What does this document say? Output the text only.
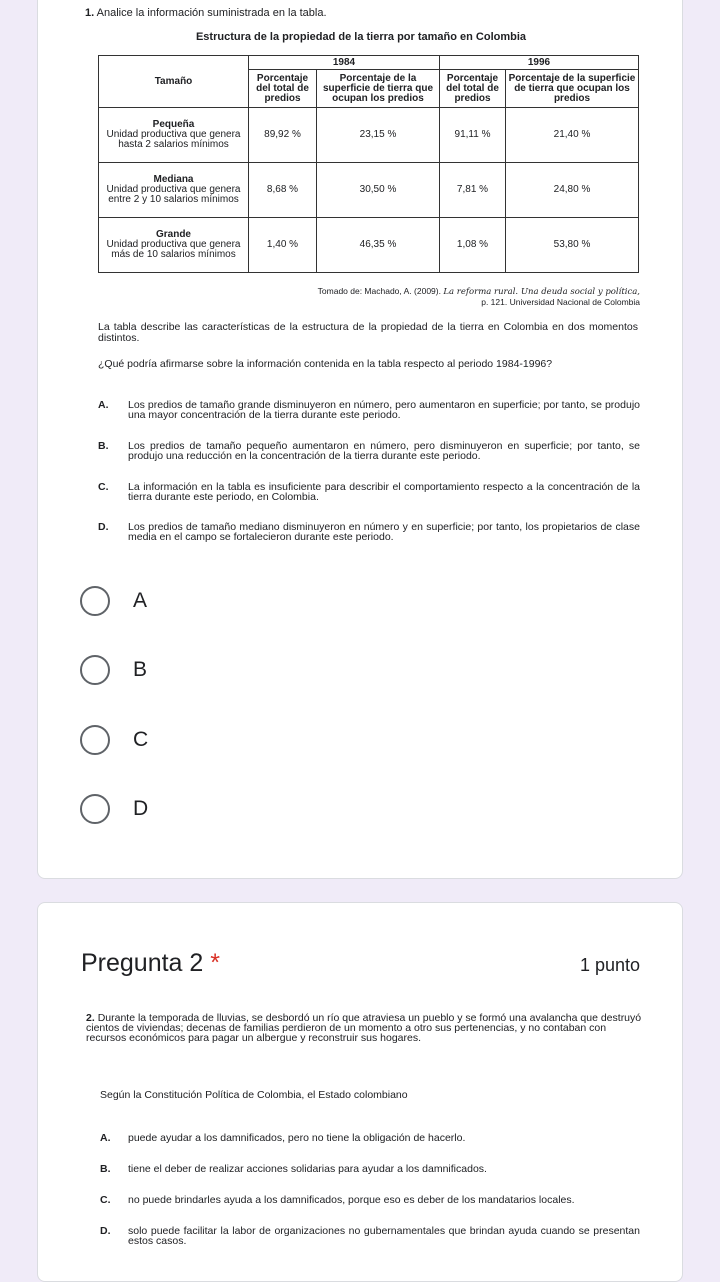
1. Analice la información suministrada en la tabla.
Estructura de la propiedad de la tierra por tamaño en Colombia
Tamaño	1984		1996	
	Porcentaje del total de predios	Porcentaje de la superficie de tierra que ocupan los predios	Porcentaje del total de predios	Porcentaje de la superficie de tierra que ocupan los predios
Pequeña
Unidad productiva que genera hasta 2 salarios mínimos	89,92 %	23,15 %	91,11 %	21,40 %
Mediana
Unidad productiva que genera entre 2 y 10 salarios mínimos	8,68 %	30,50 %	7,81 %	24,80 %
Grande
Unidad productiva que genera más de 10 salarios mínimos	1,40 %	46,35 %	1,08 %	53,80 %
Tomado de: Machado, A. (2009). La reforma rural. Una deuda social y política,
p. 121. Universidad Nacional de Colombia
La tabla describe las características de la estructura de la propiedad de la tierra en Colombia en dos momentos distintos.
¿Qué podría afirmarse sobre la información contenida en la tabla respecto al periodo 1984-1996?
A.	Los predios de tamaño grande disminuyeron en número, pero aumentaron en superficie; por tanto, se produjo una mayor concentración de la tierra durante este periodo.
B.	Los predios de tamaño pequeño aumentaron en número, pero disminuyeron en superficie; por tanto, se produjo una reducción en la concentración de la tierra durante este periodo.
C.	La información en la tabla es insuficiente para describir el comportamiento respecto a la concentración de la tierra durante este periodo, en Colombia.
D.	Los predios de tamaño mediano disminuyeron en número y en superficie; por tanto, los propietarios de clase media en el campo se fortalecieron durante este periodo.
A
B
C
D
Pregunta 2 *	1 punto
2. Durante la temporada de lluvias, se desbordó un río que atraviesa un pueblo y se formó una avalancha que destruyó cientos de viviendas; decenas de familias perdieron de un momento a otro sus pertenencias, y no contaban con recursos económicos para pagar un albergue y reconstruir sus hogares.
Según la Constitución Política de Colombia, el Estado colombiano
A. puede ayudar a los damnificados, pero no tiene la obligación de hacerlo.
B. tiene el deber de realizar acciones solidarias para ayudar a los damnificados.
C. no puede brindarles ayuda a los damnificados, porque eso es deber de los mandatarios locales.
D. solo puede facilitar la labor de organizaciones no gubernamentales que brindan ayuda cuando se presentan estos casos.
